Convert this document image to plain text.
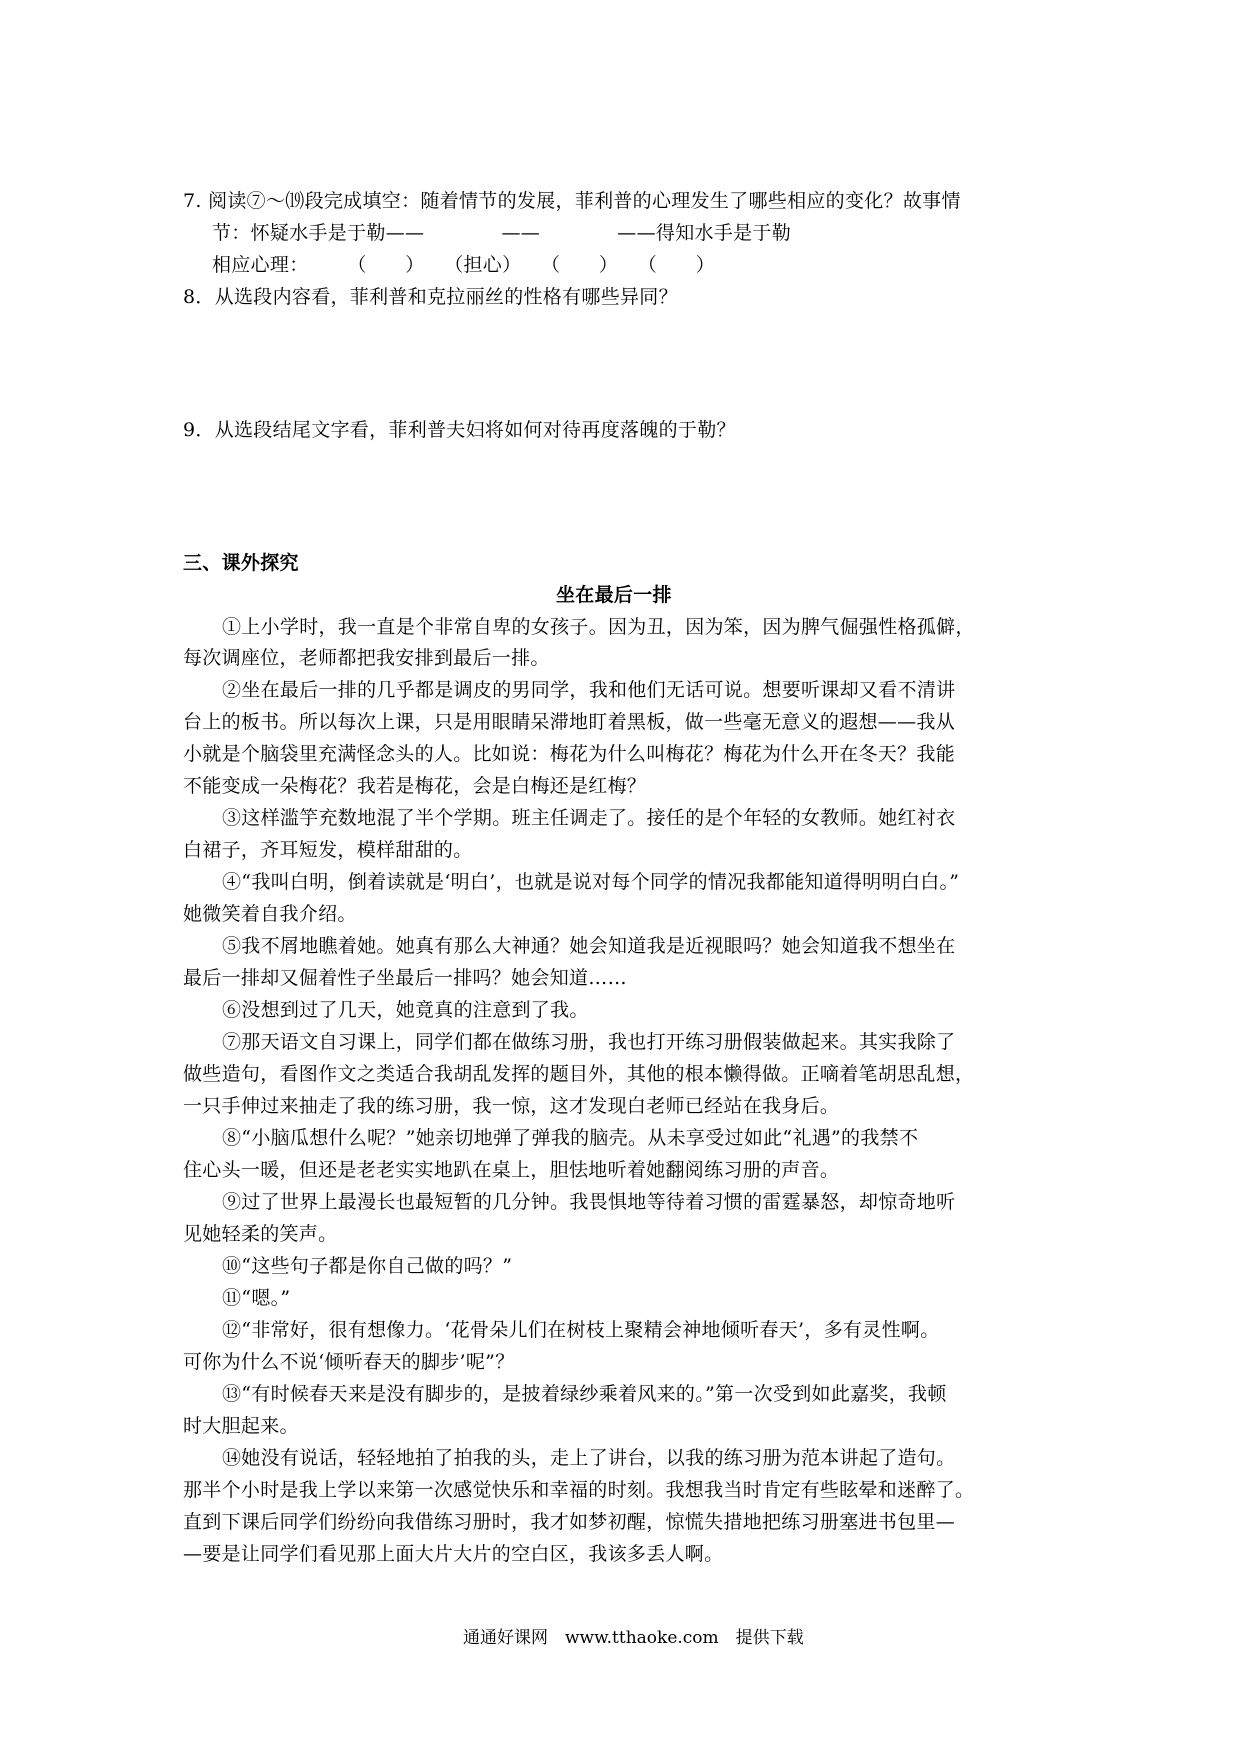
7. 阅读⑦～⒆段完成填空：随着情节的发展，菲利普的心理发生了哪些相应的变化？故事情
节：怀疑水手是于勒——　　　　——　　　　——得知水手是于勒
相应心理：　　　（　　）　　（担心）　　（　　）　　（　　）
8．从选段内容看，菲利普和克拉丽丝的性格有哪些异同？
9．从选段结尾文字看，菲利普夫妇将如何对待再度落魄的于勒？
三、课外探究
坐在最后一排
①上小学时，我一直是个非常自卑的女孩子。因为丑，因为笨，因为脾气倔强性格孤僻，
每次调座位，老师都把我安排到最后一排。
②坐在最后一排的几乎都是调皮的男同学，我和他们无话可说。想要听课却又看不清讲
台上的板书。所以每次上课，只是用眼睛呆滞地盯着黑板，做一些毫无意义的遐想——我从
小就是个脑袋里充满怪念头的人。比如说：梅花为什么叫梅花？梅花为什么开在冬天？我能
不能变成一朵梅花？我若是梅花，会是白梅还是红梅？
③这样滥竽充数地混了半个学期。班主任调走了。接任的是个年轻的女教师。她红衬衣
白裙子，齐耳短发，模样甜甜的。
④“我叫白明，倒着读就是‘明白’，也就是说对每个同学的情况我都能知道得明明白白。”
她微笑着自我介绍。
⑤我不屑地瞧着她。她真有那么大神通？她会知道我是近视眼吗？她会知道我不想坐在
最后一排却又倔着性子坐最后一排吗？她会知道……
⑥没想到过了几天，她竟真的注意到了我。
⑦那天语文自习课上，同学们都在做练习册，我也打开练习册假装做起来。其实我除了
做些造句，看图作文之类适合我胡乱发挥的题目外，其他的根本懒得做。正嘀着笔胡思乱想，
一只手伸过来抽走了我的练习册，我一惊，这才发现白老师已经站在我身后。
⑧“小脑瓜想什么呢？”她亲切地弹了弹我的脑壳。从未享受过如此“礼遇”的我禁不
住心头一暖，但还是老老实实地趴在桌上，胆怯地听着她翻阅练习册的声音。
⑨过了世界上最漫长也最短暂的几分钟。我畏惧地等待着习惯的雷霆暴怒，却惊奇地听
见她轻柔的笑声。
⑩“这些句子都是你自己做的吗？”
⑪“嗯。”
⑫“非常好，很有想像力。‘花骨朵儿们在树枝上聚精会神地倾听春天’，多有灵性啊。
可你为什么不说‘倾听春天的脚步’呢”？
⑬“有时候春天来是没有脚步的，是披着绿纱乘着风来的。”第一次受到如此嘉奖，我顿
时大胆起来。
⑭她没有说话，轻轻地拍了拍我的头，走上了讲台，以我的练习册为范本讲起了造句。
那半个小时是我上学以来第一次感觉快乐和幸福的时刻。我想我当时肯定有些眩晕和迷醉了。
直到下课后同学们纷纷向我借练习册时，我才如梦初醒，惊慌失措地把练习册塞进书包里—
—要是让同学们看见那上面大片大片的空白区，我该多丢人啊。
通通好课网　www.tthaoke.com　提供下载
